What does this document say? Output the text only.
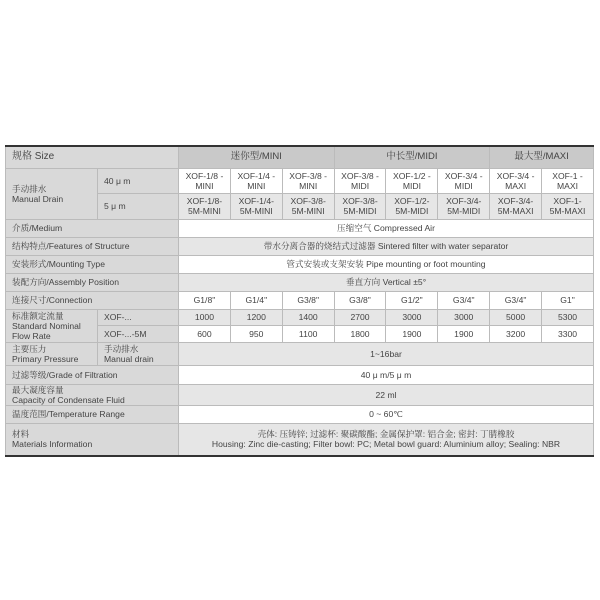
规格 Size		迷你型/MINI			中长型/MIDI			最大型/MAXI	
手动排水
Manual Drain	40 μ m	XOF-1/8 -MINI	XOF-1/4 -MINI	XOF-3/8 -MINI	XOF-3/8 -MIDI	XOF-1/2 -MIDI	XOF-3/4 -MIDI	XOF-3/4 -MAXI	XOF-1 -MAXI
	5 μ m	XOF-1/8- 5M-MINI	XOF-1/4- 5M-MINI	XOF-3/8- 5M-MINI	XOF-3/8- 5M-MIDI	XOF-1/2- 5M-MIDI	XOF-3/4- 5M-MIDI	XOF-3/4- 5M-MAXI	XOF-1- 5M-MAXI
介质/Medium		压缩空气 Compressed Air							
结构特点/Features of Structure		带水分离合器的烧结式过滤器 Sintered filter with water separator							
安装形式/Mounting Type		管式安装或支架安装 Pipe mounting or foot mounting							
装配方向/Assembly Position		垂直方向 Vertical ±5°							
连接尺寸/Connection		G1/8"	G1/4"	G3/8"	G3/8"	G1/2"	G3/4"	G3/4"	G1"
标准额定流量
Standard Nominal
Flow Rate	XOF-...	1000	1200	1400	2700	3000	3000	5000	5300
	XOF-...-5M	600	950	1100	1800	1900	1900	3200	3300
主要压力
Primary Pressure	手动排水
Manual drain	1~16bar							
过滤等级/Grade of Filtration		40 μ m/5 μ m							
最大凝度容量
Capacity of Condensate Fluid		22 ml							
温度范围/Temperature Range		0 ~ 60℃							
材料
Materials Information		壳体: 压铸锌; 过滤杯: 聚碳酸酯; 金属保护罩: 铝合金; 密封: 丁腈橡胶
Housing: Zinc die-casting; Filter bowl: PC; Metal bowl guard: Aluminium alloy; Sealing: NBR							
